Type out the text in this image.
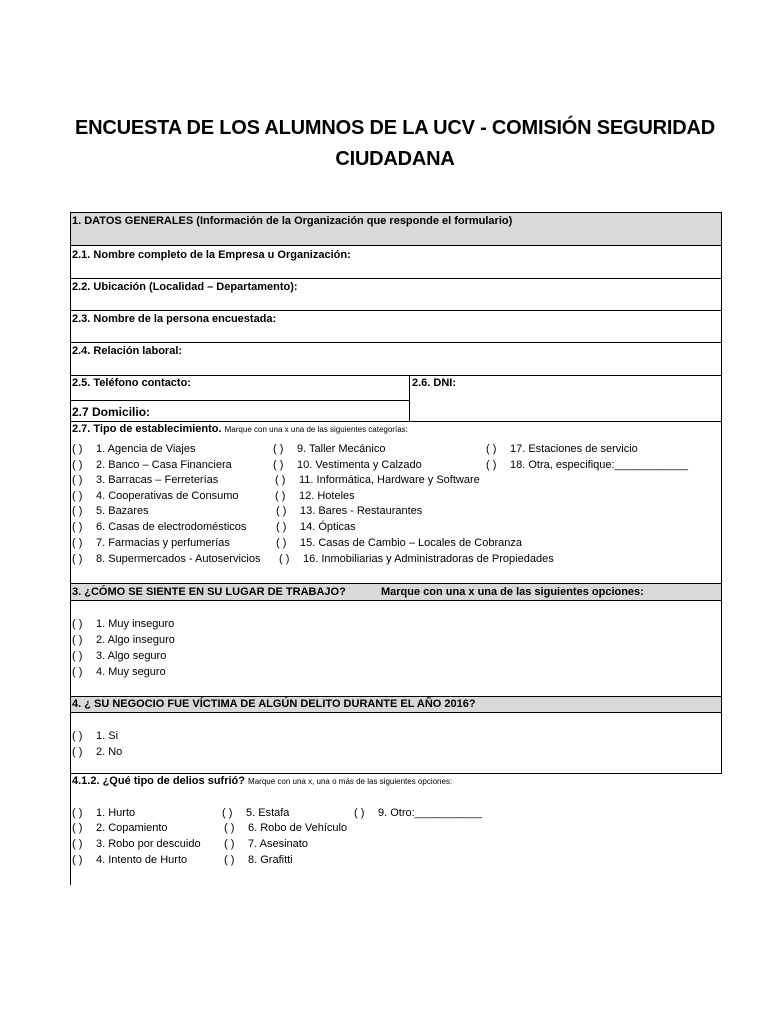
ENCUESTA DE LOS ALUMNOS DE LA UCV - COMISIÓN SEGURIDAD
CIUDADANA
1. DATOS GENERALES (Información de la Organización que responde el formulario)
2.1. Nombre completo de la Empresa u Organización:
2.2. Ubicación (Localidad – Departamento):
2.3. Nombre de la persona encuestada:
2.4. Relación laboral:
2.5. Teléfono contacto:	2.6. DNI:
2.7 Domicilio:
2.7. Tipo de establecimiento. Marque con una x una de las siguientes categorías:
( ) 1. Agencia de Viajes
( ) 2. Banco – Casa Financiera
( ) 3. Barracas – Ferreterías
( ) 4. Cooperativas de Consumo
( ) 5. Bazares
( ) 6. Casas de electrodomésticos
( ) 7. Farmacias y perfumerías
( ) 8. Supermercados - Autoservicios
( ) 9. Taller Mecánico
( ) 10. Vestimenta y Calzado
( ) 11. Informática, Hardware y Software
( ) 12. Hoteles
( ) 13. Bares - Restaurantes
( ) 14. Ópticas
( ) 15. Casas de Cambio – Locales de Cobranza
( ) 16. Inmobiliarias y Administradoras de Propiedades
( ) 17. Estaciones de servicio
( ) 18. Otra, especifique:____________
3. ¿CÓMO SE SIENTE EN SU LUGAR DE TRABAJO?	Marque con una x una de las siguientes opciones:
( ) 1. Muy inseguro
( ) 2. Algo inseguro
( ) 3. Algo seguro
( ) 4. Muy seguro
4. ¿ SU NEGOCIO FUE VÍCTIMA DE ALGÚN DELITO DURANTE EL AÑO 2016?
( ) 1. Si
( ) 2. No
4.1.2. ¿Qué tipo de delios sufrió? Marque con una x, una o más de las siguientes opciones:
( ) 1. Hurto
( ) 2. Copamiento
( ) 3. Robo por descuido
( ) 4. Intento de Hurto
( ) 5. Estafa
( ) 6. Robo de Vehículo
( ) 7. Asesinato
( ) 8. Grafitti
( ) 9. Otro:___________
